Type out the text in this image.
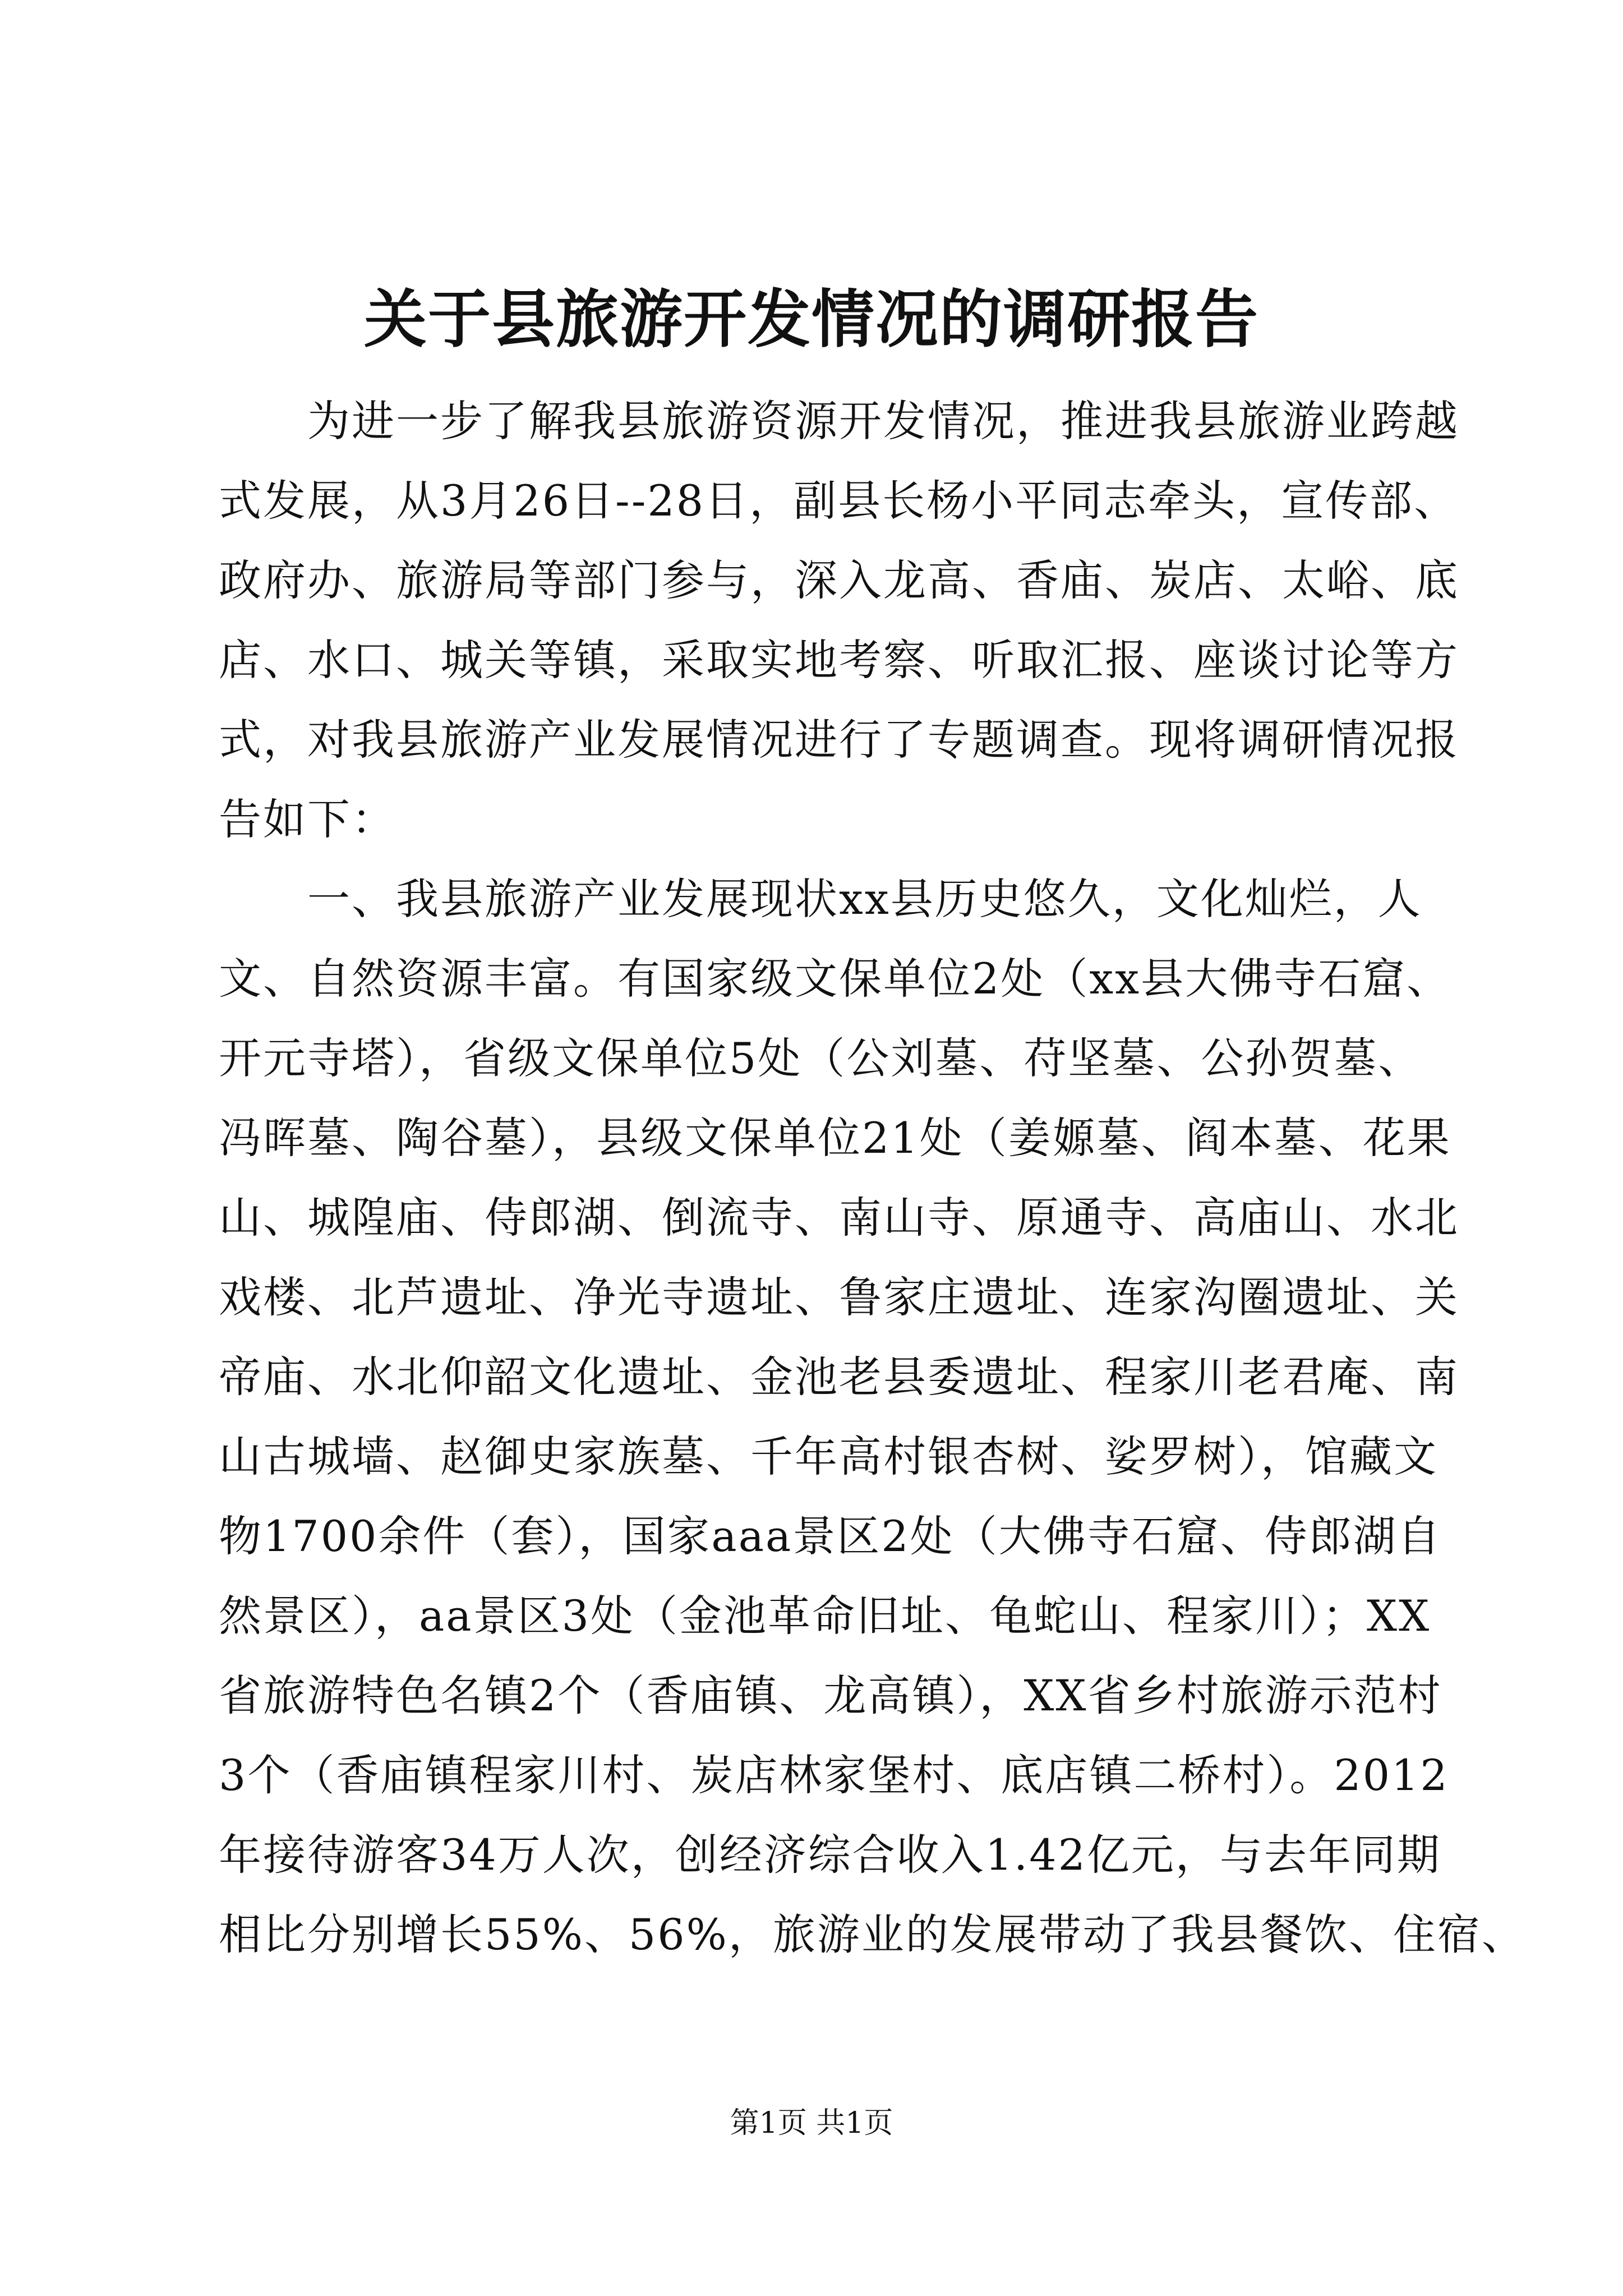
关于县旅游开发情况的调研报告
　　为进一步了解我县旅游资源开发情况，推进我县旅游业跨越
式发展，从3月26日--28日，副县长杨小平同志牵头，宣传部、
政府办、旅游局等部门参与，深入龙高、香庙、炭店、太峪、底
店、水口、城关等镇，采取实地考察、听取汇报、座谈讨论等方
式，对我县旅游产业发展情况进行了专题调查。现将调研情况报
告如下：
　　一、我县旅游产业发展现状xx县历史悠久，文化灿烂，人
文、自然资源丰富。有国家级文保单位2处（xx县大佛寺石窟、
开元寺塔），省级文保单位5处（公刘墓、苻坚墓、公孙贺墓、
冯晖墓、陶谷墓），县级文保单位21处（姜嫄墓、阎本墓、花果
山、城隍庙、侍郎湖、倒流寺、南山寺、原通寺、高庙山、水北
戏楼、北芦遗址、净光寺遗址、鲁家庄遗址、连家沟圈遗址、关
帝庙、水北仰韶文化遗址、金池老县委遗址、程家川老君庵、南
山古城墙、赵御史家族墓、千年高村银杏树、娑罗树），馆藏文
物1700余件（套），国家aaa景区2处（大佛寺石窟、侍郎湖自
然景区），aa景区3处（金池革命旧址、龟蛇山、程家川）；XX
省旅游特色名镇2个（香庙镇、龙高镇），XX省乡村旅游示范村
3个（香庙镇程家川村、炭店林家堡村、底店镇二桥村）。2012
年接待游客34万人次，创经济综合收入1.42亿元，与去年同期
相比分别增长55%、56%，旅游业的发展带动了我县餐饮、住宿、
第1页 共1页
